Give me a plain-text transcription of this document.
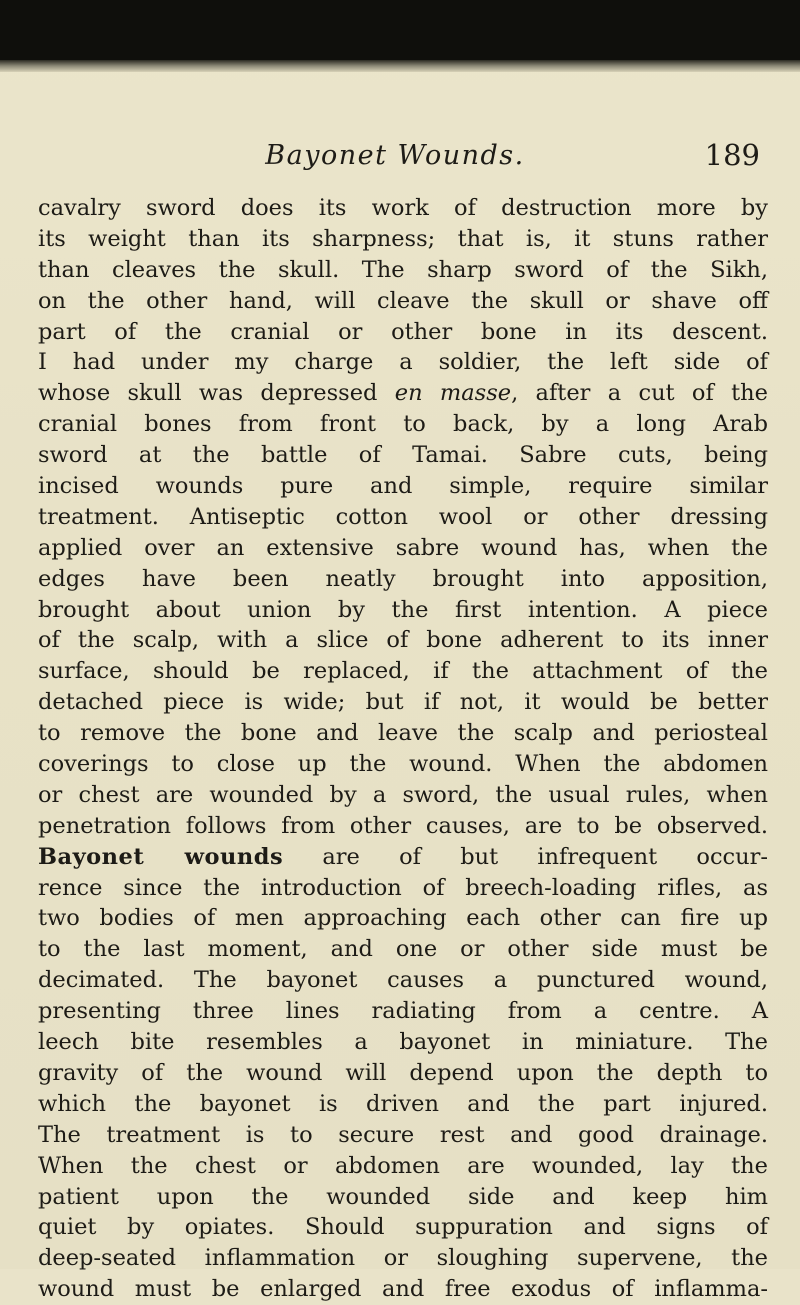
Bayonet Wounds.	189
cavalry sword does its work of destruction more by
its weight than its sharpness; that is, it stuns rather
than cleaves the skull. The sharp sword of the Sikh,
on the other hand, will cleave the skull or shave off
part of the cranial or other bone in its descent.
I had under my charge a soldier, the left side of
whose skull was depressed en masse, after a cut of the
cranial bones from front to back, by a long Arab
sword at the battle of Tamai. Sabre cuts, being
incised wounds pure and simple, require similar
treatment. Antiseptic cotton wool or other dressing
applied over an extensive sabre wound has, when the
edges have been neatly brought into apposition,
brought about union by the first intention. A piece
of the scalp, with a slice of bone adherent to its inner
surface, should be replaced, if the attachment of the
detached piece is wide; but if not, it would be better
to remove the bone and leave the scalp and periosteal
coverings to close up the wound. When the abdomen
or chest are wounded by a sword, the usual rules, when
penetration follows from other causes, are to be observed.
Bayonet wounds are of but infrequent occur-
rence since the introduction of breech-loading rifles, as
two bodies of men approaching each other can fire up
to the last moment, and one or other side must be
decimated. The bayonet causes a punctured wound,
presenting three lines radiating from a centre. A
leech bite resembles a bayonet in miniature. The
gravity of the wound will depend upon the depth to
which the bayonet is driven and the part injured.
The treatment is to secure rest and good drainage.
When the chest or abdomen are wounded, lay the
patient upon the wounded side and keep him
quiet by opiates. Should suppuration and signs of
deep-seated inflammation or sloughing supervene, the
wound must be enlarged and free exodus of inflamma-
